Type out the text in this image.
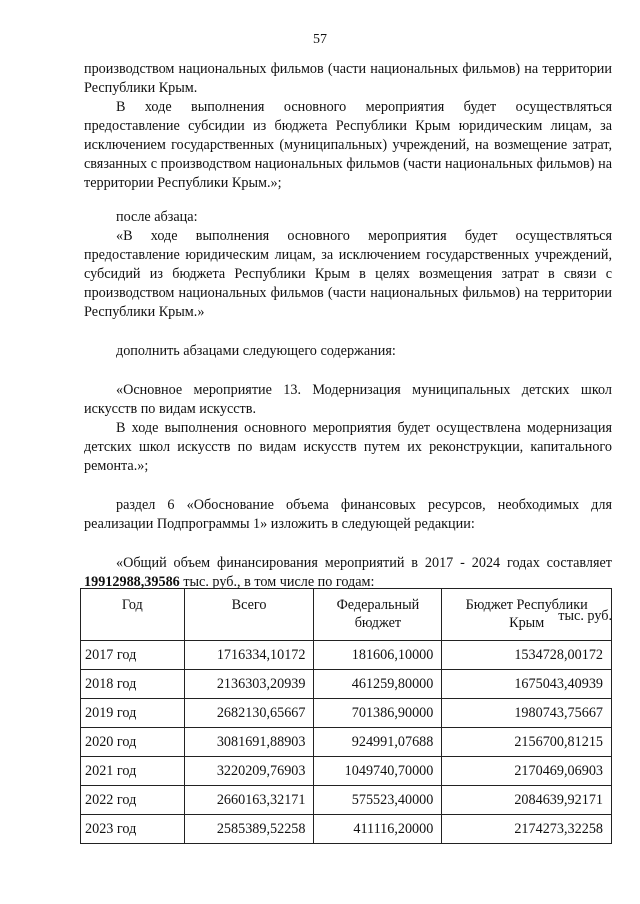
57

производством национальных фильмов (части национальных фильмов) на территории Республики Крым.

В ходе выполнения основного мероприятия будет осуществляться предоставление субсидии из бюджета Республики Крым юридическим лицам, за исключением государственных (муниципальных) учреждений, на возмещение затрат, связанных с производством национальных фильмов (части национальных фильмов) на территории Республики Крым.»;

после абзаца:

«В ходе выполнения основного мероприятия будет осуществляться предоставление юридическим лицам, за исключением государственных учреждений, субсидий из бюджета Республики Крым в целях возмещения затрат в связи с производством национальных фильмов (части национальных фильмов) на территории Республики Крым.»

дополнить абзацами следующего содержания:

«Основное мероприятие 13. Модернизация муниципальных детских школ искусств по видам искусств.

В ходе выполнения основного мероприятия будет осуществлена модернизация детских школ искусств по видам искусств путем их реконструкции, капитального ремонта.»;

раздел 6 «Обоснование объема финансовых ресурсов, необходимых для реализации Подпрограммы 1» изложить в следующей редакции:

«Общий объем финансирования мероприятий в 2017 - 2024 годах составляет 19912988,39586 тыс. руб., в том числе по годам:

тыс. руб.

Год	Всего	Федеральный бюджет	Бюджет Республики Крым
2017 год	1716334,10172	181606,10000	1534728,00172
2018 год	2136303,20939	461259,80000	1675043,40939
2019 год	2682130,65667	701386,90000	1980743,75667
2020 год	3081691,88903	924991,07688	2156700,81215
2021 год	3220209,76903	1049740,70000	2170469,06903
2022 год	2660163,32171	575523,40000	2084639,92171
2023 год	2585389,52258	411116,20000	2174273,32258
